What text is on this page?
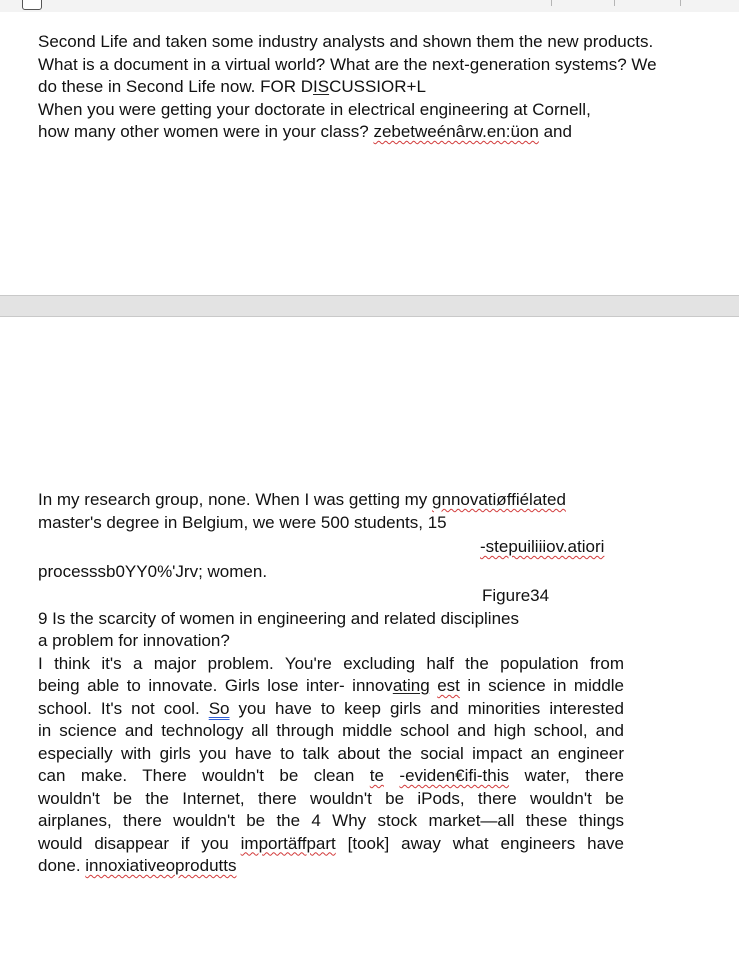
Second Life and taken some industry analysts and shown them the new products.

What is a document in a virtual world? What are the next-generation systems? We

do these in Second Life now. FOR DISCUSSIOR+L

When you were getting your doctorate in electrical engineering at Cornell,

how many other women were in your class? zebetweénârw.en:üon and

In my research group, none. When I was getting my gnnovatiøffiélated

master's degree in Belgium, we were 500 students, 15

-stepuiliiiov.atiori

processsb0YY0%'Jrv; women.

Figure34

9 Is the scarcity of women in engineering and related disciplines

a problem for innovation?

I think it's a major problem. You're excluding half the population from

being able to innovate. Girls lose inter- innovating est in science in middle

school. It's not cool. So you have to keep girls and minorities interested

in science and technology all through middle school and high school, and

especially with girls you have to talk about the social impact an engineer

can make. There wouldn't be clean te -eviden€ifi-this water, there

wouldn't be the Internet, there wouldn't be iPods, there wouldn't be

airplanes, there wouldn't be the 4 Why stock market—all these things

would disappear if you importäffpart [took] away what engineers have

done. innoxiativeoprodutts
